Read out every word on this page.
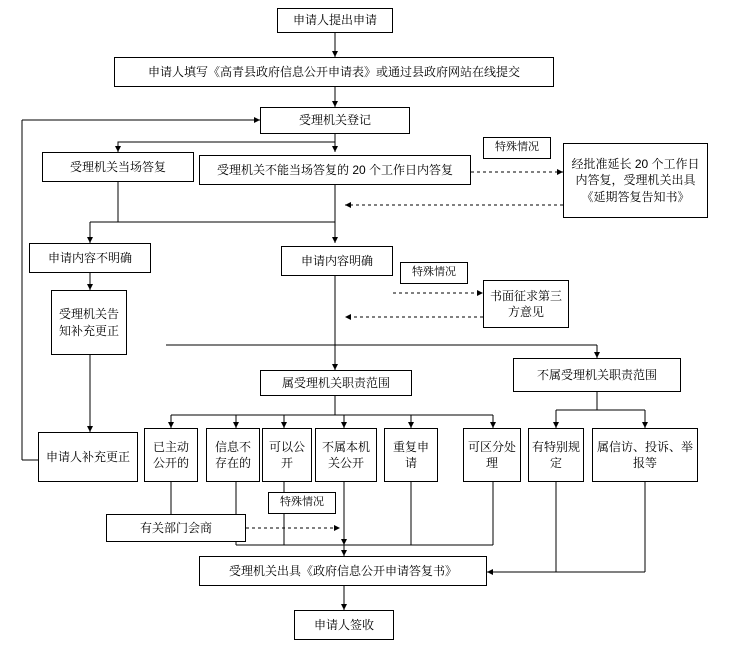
申请人提出申请
申请人填写《高青县政府信息公开申请表》或通过县政府网站在线提交
受理机关登记
受理机关当场答复	受理机关不能当场答复的 20 个工作日内答复	经批准延长 20 个工作日内答复，受理机关出具《延期答复告知书》
申请内容不明确	申请内容明确
书面征求第三方意见
受理机关告知补充更正
申请人补充更正
属受理机关职责范围
不属受理机关职责范围
已主动公开的
信息不存在的
可以公开
不属本机关公开
重复申请
可区分处理
有特别规定
属信访、投诉、举报等
有关部门会商
受理机关出具《政府信息公开申请答复书》
申请人签收
特殊情况
特殊情况
特殊情况
